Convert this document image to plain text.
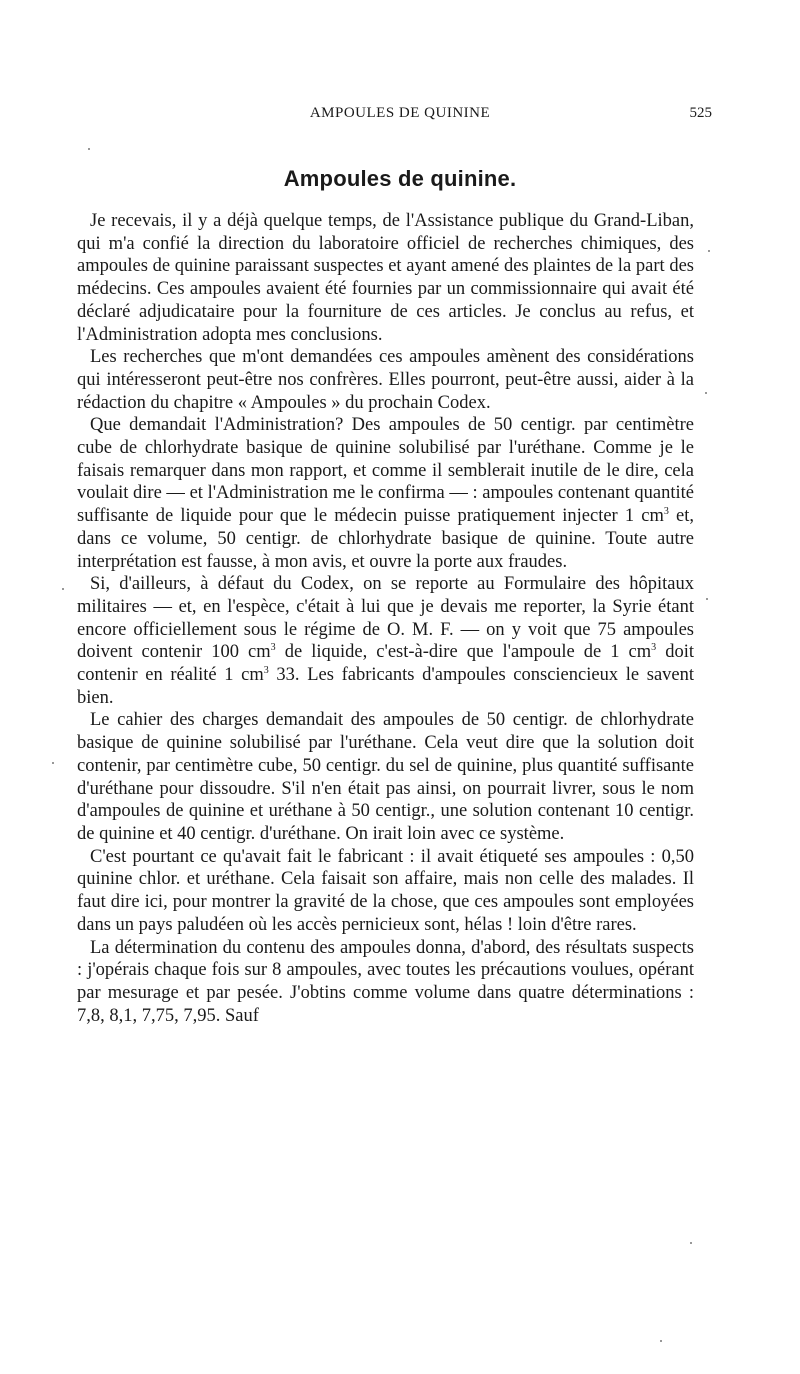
AMPOULES DE QUININE	525
Ampoules de quinine.

Je recevais, il y a déjà quelque temps, de l'Assistance publique du Grand-Liban, qui m'a confié la direction du laboratoire officiel de recherches chimiques, des ampoules de quinine paraissant suspectes et ayant amené des plaintes de la part des médecins. Ces ampoules avaient été fournies par un commissionnaire qui avait été déclaré adjudicataire pour la fourniture de ces articles. Je conclus au refus, et l'Administration adopta mes conclusions.

Les recherches que m'ont demandées ces ampoules amènent des considérations qui intéresseront peut-être nos confrères. Elles pourront, peut-être aussi, aider à la rédaction du chapitre « Ampoules » du prochain Codex.

Que demandait l'Administration? Des ampoules de 50 centigr. par centimètre cube de chlorhydrate basique de quinine solubilisé par l'uréthane. Comme je le faisais remarquer dans mon rapport, et comme il semblerait inutile de le dire, cela voulait dire — et l'Administration me le confirma — : ampoules contenant quantité suffisante de liquide pour que le médecin puisse pratiquement injecter 1 $cm^3$ et, dans ce volume, 50 centigr. de chlorhydrate basique de quinine. Toute autre interprétation est fausse, à mon avis, et ouvre la porte aux fraudes.

Si, d'ailleurs, à défaut du Codex, on se reporte au Formulaire des hôpitaux militaires — et, en l'espèce, c'était à lui que je devais me reporter, la Syrie étant encore officiellement sous le régime de O. M. F. — on y voit que 75 ampoules doivent contenir 100 $cm^3$ de liquide, c'est-à-dire que l'ampoule de 1 $cm^3$ doit contenir en réalité 1 $cm^3$ 33. Les fabricants d'ampoules consciencieux le savent bien.

Le cahier des charges demandait des ampoules de 50 centigr. de chlorhydrate basique de quinine solubilisé par l'uréthane. Cela veut dire que la solution doit contenir, par centimètre cube, 50 centigr. du sel de quinine, plus quantité suffisante d'uréthane pour dissoudre. S'il n'en était pas ainsi, on pourrait livrer, sous le nom d'ampoules de quinine et uréthane à 50 centigr., une solution contenant 10 centigr. de quinine et 40 centigr. d'uréthane. On irait loin avec ce système.

C'est pourtant ce qu'avait fait le fabricant : il avait étiqueté ses ampoules : 0,50 quinine chlor. et uréthane. Cela faisait son affaire, mais non celle des malades. Il faut dire ici, pour montrer la gravité de la chose, que ces ampoules sont employées dans un pays paludéen où les accès pernicieux sont, hélas ! loin d'être rares.

La détermination du contenu des ampoules donna, d'abord, des résultats suspects : j'opérais chaque fois sur 8 ampoules, avec toutes les précautions voulues, opérant par mesurage et par pesée. J'obtins comme volume dans quatre déterminations : 7,8, 8,1, 7,75, 7,95. Sauf
